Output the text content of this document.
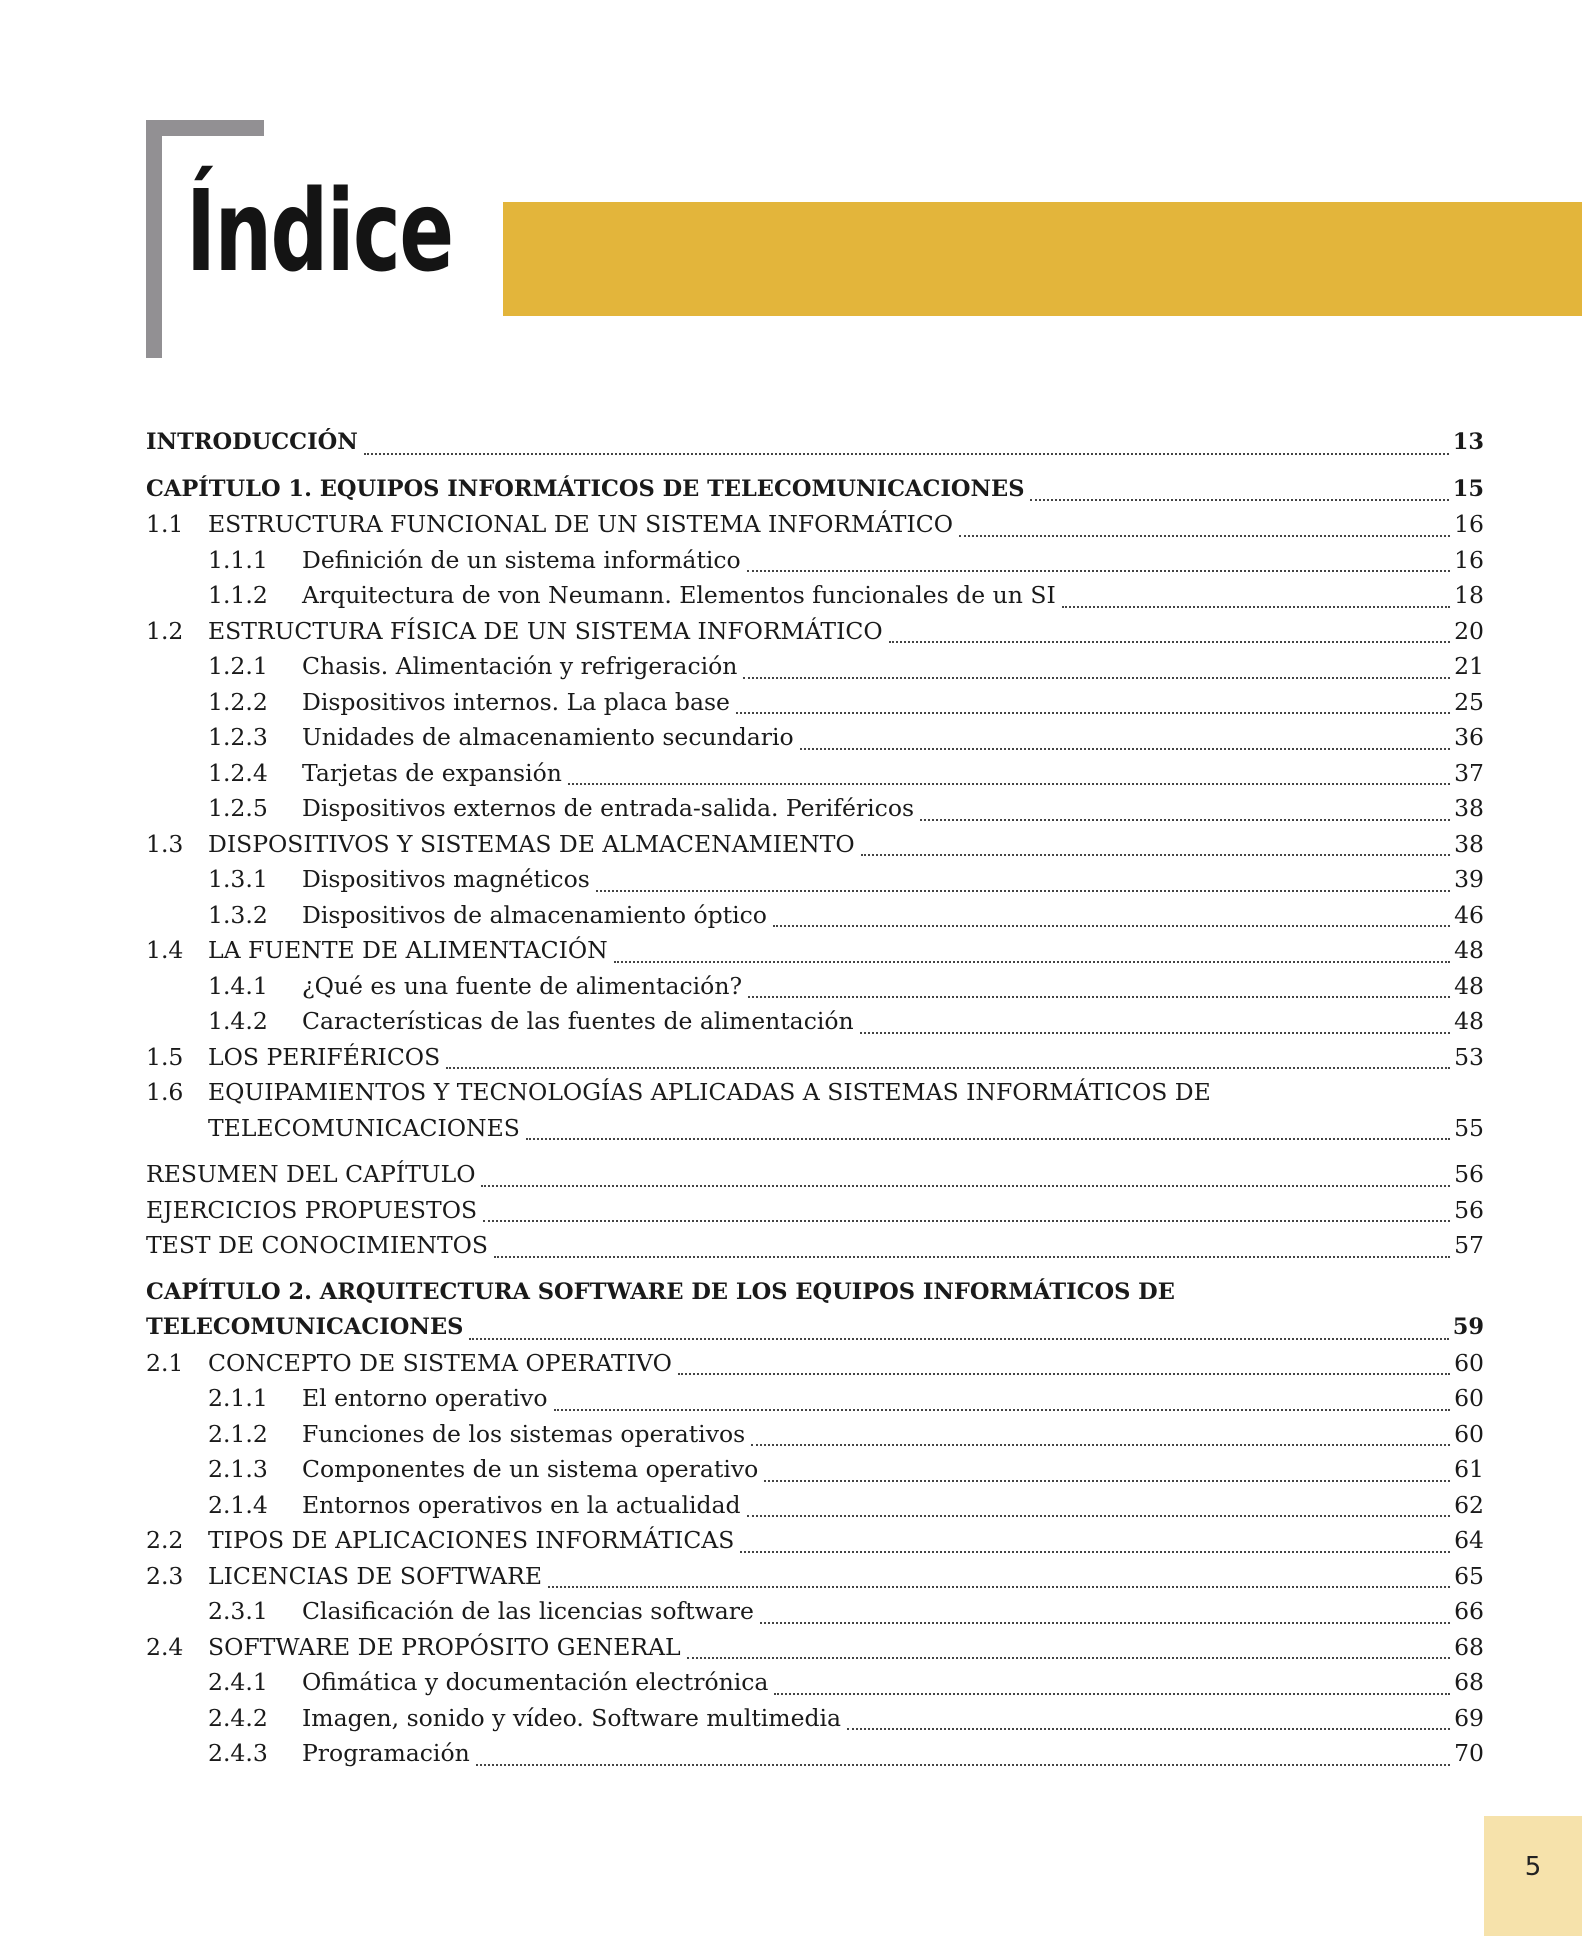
Índice
INTRODUCCIÓN	13
CAPÍTULO 1. EQUIPOS INFORMÁTICOS DE TELECOMUNICACIONES	15
1.1	ESTRUCTURA FUNCIONAL DE UN SISTEMA INFORMÁTICO	16
1.1.1	Definición de un sistema informático	16
1.1.2	Arquitectura de von Neumann. Elementos funcionales de un SI	18
1.2	ESTRUCTURA FÍSICA DE UN SISTEMA INFORMÁTICO	20
1.2.1	Chasis. Alimentación y refrigeración	21
1.2.2	Dispositivos internos. La placa base	25
1.2.3	Unidades de almacenamiento secundario	36
1.2.4	Tarjetas de expansión	37
1.2.5	Dispositivos externos de entrada-salida. Periféricos	38
1.3	DISPOSITIVOS Y SISTEMAS DE ALMACENAMIENTO	38
1.3.1	Dispositivos magnéticos	39
1.3.2	Dispositivos de almacenamiento óptico	46
1.4	LA FUENTE DE ALIMENTACIÓN	48
1.4.1	¿Qué es una fuente de alimentación?	48
1.4.2	Características de las fuentes de alimentación	48
1.5	LOS PERIFÉRICOS	53
1.6	EQUIPAMIENTOS Y TECNOLOGÍAS APLICADAS A SISTEMAS INFORMÁTICOS DE
TELECOMUNICACIONES	55
RESUMEN DEL CAPÍTULO	56
EJERCICIOS PROPUESTOS	56
TEST DE CONOCIMIENTOS	57
CAPÍTULO 2. ARQUITECTURA SOFTWARE DE LOS EQUIPOS INFORMÁTICOS DE
TELECOMUNICACIONES	59
2.1	CONCEPTO DE SISTEMA OPERATIVO	60
2.1.1	El entorno operativo	60
2.1.2	Funciones de los sistemas operativos	60
2.1.3	Componentes de un sistema operativo	61
2.1.4	Entornos operativos en la actualidad	62
2.2	TIPOS DE APLICACIONES INFORMÁTICAS	64
2.3	LICENCIAS DE SOFTWARE	65
2.3.1	Clasificación de las licencias software	66
2.4	SOFTWARE DE PROPÓSITO GENERAL	68
2.4.1	Ofimática y documentación electrónica	68
2.4.2	Imagen, sonido y vídeo. Software multimedia	69
2.4.3	Programación	70
5
